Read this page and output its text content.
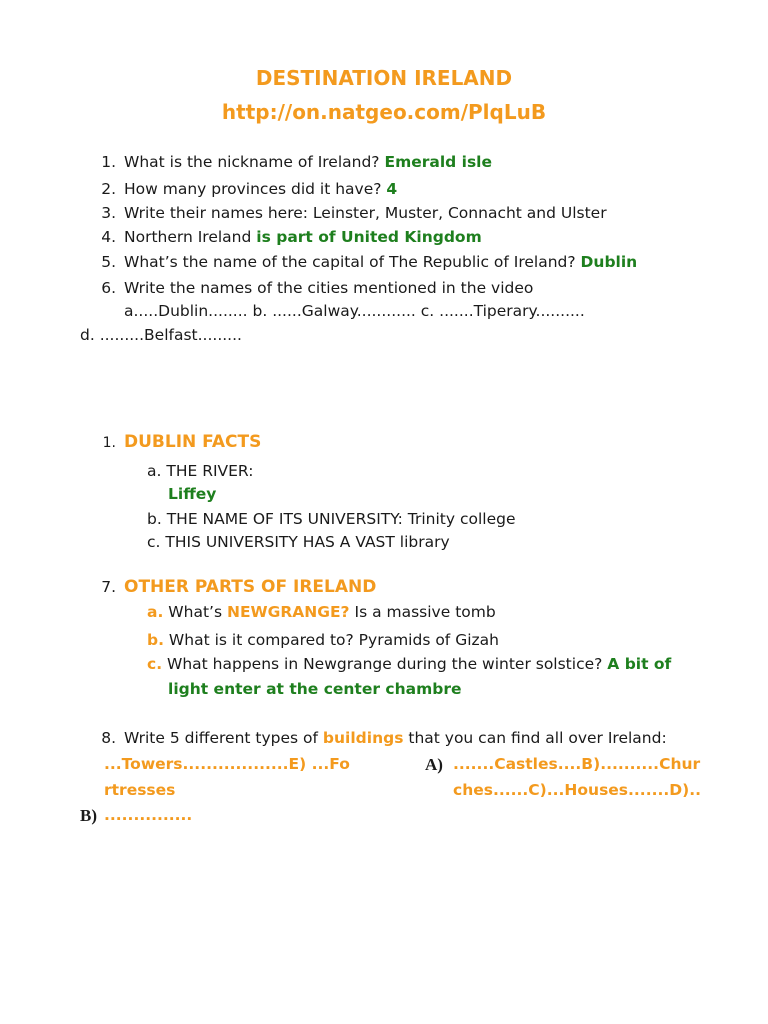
DESTINATION IRELAND
http://on.natgeo.com/PlqLuB
1. What is the nickname of Ireland? Emerald isle
2. How many provinces did it have? 4
3. Write their names here: Leinster, Muster, Connacht and Ulster
4. Northern Ireland is part of United Kingdom
5. What’s the name of the capital of The Republic of Ireland? Dublin
6. Write the names of the cities mentioned in the video
a.....Dublin........ b. ......Galway............ c. .......Tiperary..........
d. .........Belfast.........
1. DUBLIN FACTS
a. THE RIVER:
Liffey
b. THE NAME OF ITS UNIVERSITY: Trinity college
c. THIS UNIVERSITY HAS A VAST library
7. OTHER PARTS OF IRELAND
a. What’s NEWGRANGE? Is a massive tomb
b. What is it compared to? Pyramids of Gizah
c. What happens in Newgrange during the winter solstice? A bit of
light enter at the center chambre
8. Write 5 different types of buildings that you can find all over Ireland:
...Towers..................E) ...Fo
rtresses
A) .......Castles....B)..........Chur
ches......C)...Houses.......D)..
B) ...............
